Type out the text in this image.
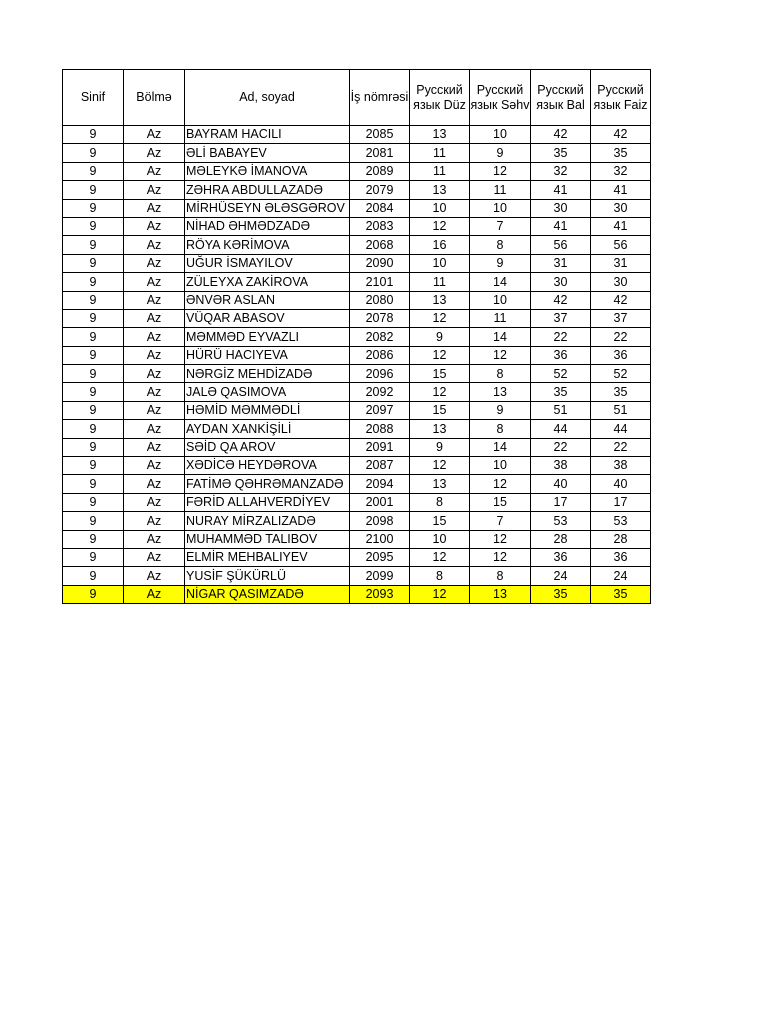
Sinif	Bölmə	Ad, soyad	İş nömrəsi	Русский язык Düz	Русский язык Səhv	Русский язык Bal	Русский язык Faiz
9	Az	BAYRAM HACILI	2085	13	10	42	42
9	Az	ƏLİ BABAYEV	2081	11	9	35	35
9	Az	MƏLEYKƏ İMANOVA	2089	11	12	32	32
9	Az	ZƏHRA ABDULLAZADƏ	2079	13	11	41	41
9	Az	MİRHÜSEYN ƏLƏSGƏROV	2084	10	10	30	30
9	Az	NİHAD ƏHMƏDZADƏ	2083	12	7	41	41
9	Az	RÖYA KƏRİMOVA	2068	16	8	56	56
9	Az	UĞUR İSMAYILOV	2090	10	9	31	31
9	Az	ZÜLEYXA ZAKİROVA	2101	11	14	30	30
9	Az	ƏNVƏR ASLAN	2080	13	10	42	42
9	Az	VÜQAR ABASOV	2078	12	11	37	37
9	Az	MƏMMƏD EYVAZLI	2082	9	14	22	22
9	Az	HÜRÜ HACIYEVA	2086	12	12	36	36
9	Az	NƏRGİZ MEHDİZADƏ	2096	15	8	52	52
9	Az	JALƏ QASIMOVA	2092	12	13	35	35
9	Az	HƏMİD MƏMMƏDLİ	2097	15	9	51	51
9	Az	AYDAN XANKİŞİLİ	2088	13	8	44	44
9	Az	SƏİD QA AROV	2091	9	14	22	22
9	Az	XƏDİCƏ HEYDƏROVA	2087	12	10	38	38
9	Az	FATİMƏ QƏHRƏMANZADƏ	2094	13	12	40	40
9	Az	FƏRİD ALLAHVERDİYEV	2001	8	15	17	17
9	Az	NURAY MİRZALIZADƏ	2098	15	7	53	53
9	Az	MUHAMMƏD TALIBOV	2100	10	12	28	28
9	Az	ELMİR MEHBALIYEV	2095	12	12	36	36
9	Az	YUSİF ŞÜKÜRLÜ	2099	8	8	24	24
9	Az	NİGAR QASIMZADƏ	2093	12	13	35	35
